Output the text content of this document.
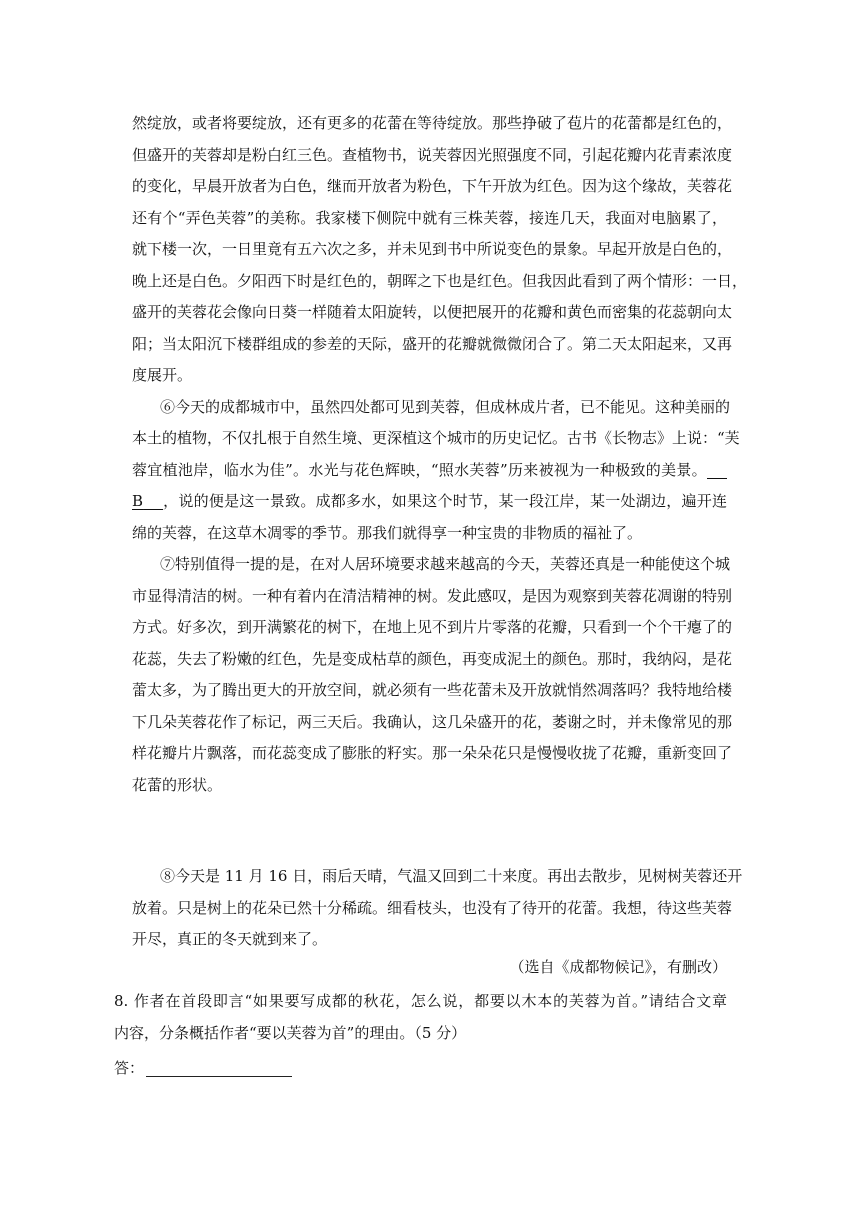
然绽放，或者将要绽放，还有更多的花蕾在等待绽放。那些挣破了苞片的花蕾都是红色的，
但盛开的芙蓉却是粉白红三色。查植物书，说芙蓉因光照强度不同，引起花瓣内花青素浓度
的变化，早晨开放者为白色，继而开放者为粉色，下午开放为红色。因为这个缘故，芙蓉花
还有个“弄色芙蓉”的美称。我家楼下侧院中就有三株芙蓉，接连几天，我面对电脑累了，
就下楼一次，一日里竟有五六次之多，并未见到书中所说变色的景象。早起开放是白色的，
晚上还是白色。夕阳西下时是红色的，朝晖之下也是红色。但我因此看到了两个情形：一日，
盛开的芙蓉花会像向日葵一样随着太阳旋转，以便把展开的花瓣和黄色而密集的花蕊朝向太
阳；当太阳沉下楼群组成的参差的天际，盛开的花瓣就微微闭合了。第二天太阳起来，又再
度展开。
⑥今天的成都城市中，虽然四处都可见到芙蓉，但成林成片者，已不能见。这种美丽的
本土的植物，不仅扎根于自然生境、更深植这个城市的历史记忆。古书《长物志》上说：“芙
蓉宜植池岸，临水为佳”。水光与花色辉映，“照水芙蓉”历来被视为一种极致的美景。
B ，说的便是这一景致。成都多水，如果这个时节，某一段江岸，某一处湖边，遍开连
绵的芙蓉，在这草木凋零的季节。那我们就得享一种宝贵的非物质的福祉了。
⑦特别值得一提的是，在对人居环境要求越来越高的今天，芙蓉还真是一种能使这个城
市显得清洁的树。一种有着内在清洁精神的树。发此感叹，是因为观察到芙蓉花凋谢的特别
方式。好多次，到开满繁花的树下，在地上见不到片片零落的花瓣，只看到一个个干瘪了的
花蕊，失去了粉嫩的红色，先是变成枯草的颜色，再变成泥土的颜色。那时，我纳闷，是花
蕾太多，为了腾出更大的开放空间，就必须有一些花蕾未及开放就悄然凋落吗？我特地给楼
下几朵芙蓉花作了标记，两三天后。我确认，这几朵盛开的花，萎谢之时，并未像常见的那
样花瓣片片飘落，而花蕊变成了膨胀的籽实。那一朵朵花只是慢慢收拢了花瓣，重新变回了
花蕾的形状。
⑧今天是 11 月 16 日，雨后天晴，气温又回到二十来度。再出去散步，见树树芙蓉还开
放着。只是树上的花朵已然十分稀疏。细看枝头，也没有了待开的花蕾。我想，待这些芙蓉
开尽，真正的冬天就到来了。
（选自《成都物候记》，有删改）
8. 作者在首段即言“如果要写成都的秋花，怎么说，都要以木本的芙蓉为首。”请结合文章
内容，分条概括作者“要以芙蓉为首”的理由。（5 分）
答：
